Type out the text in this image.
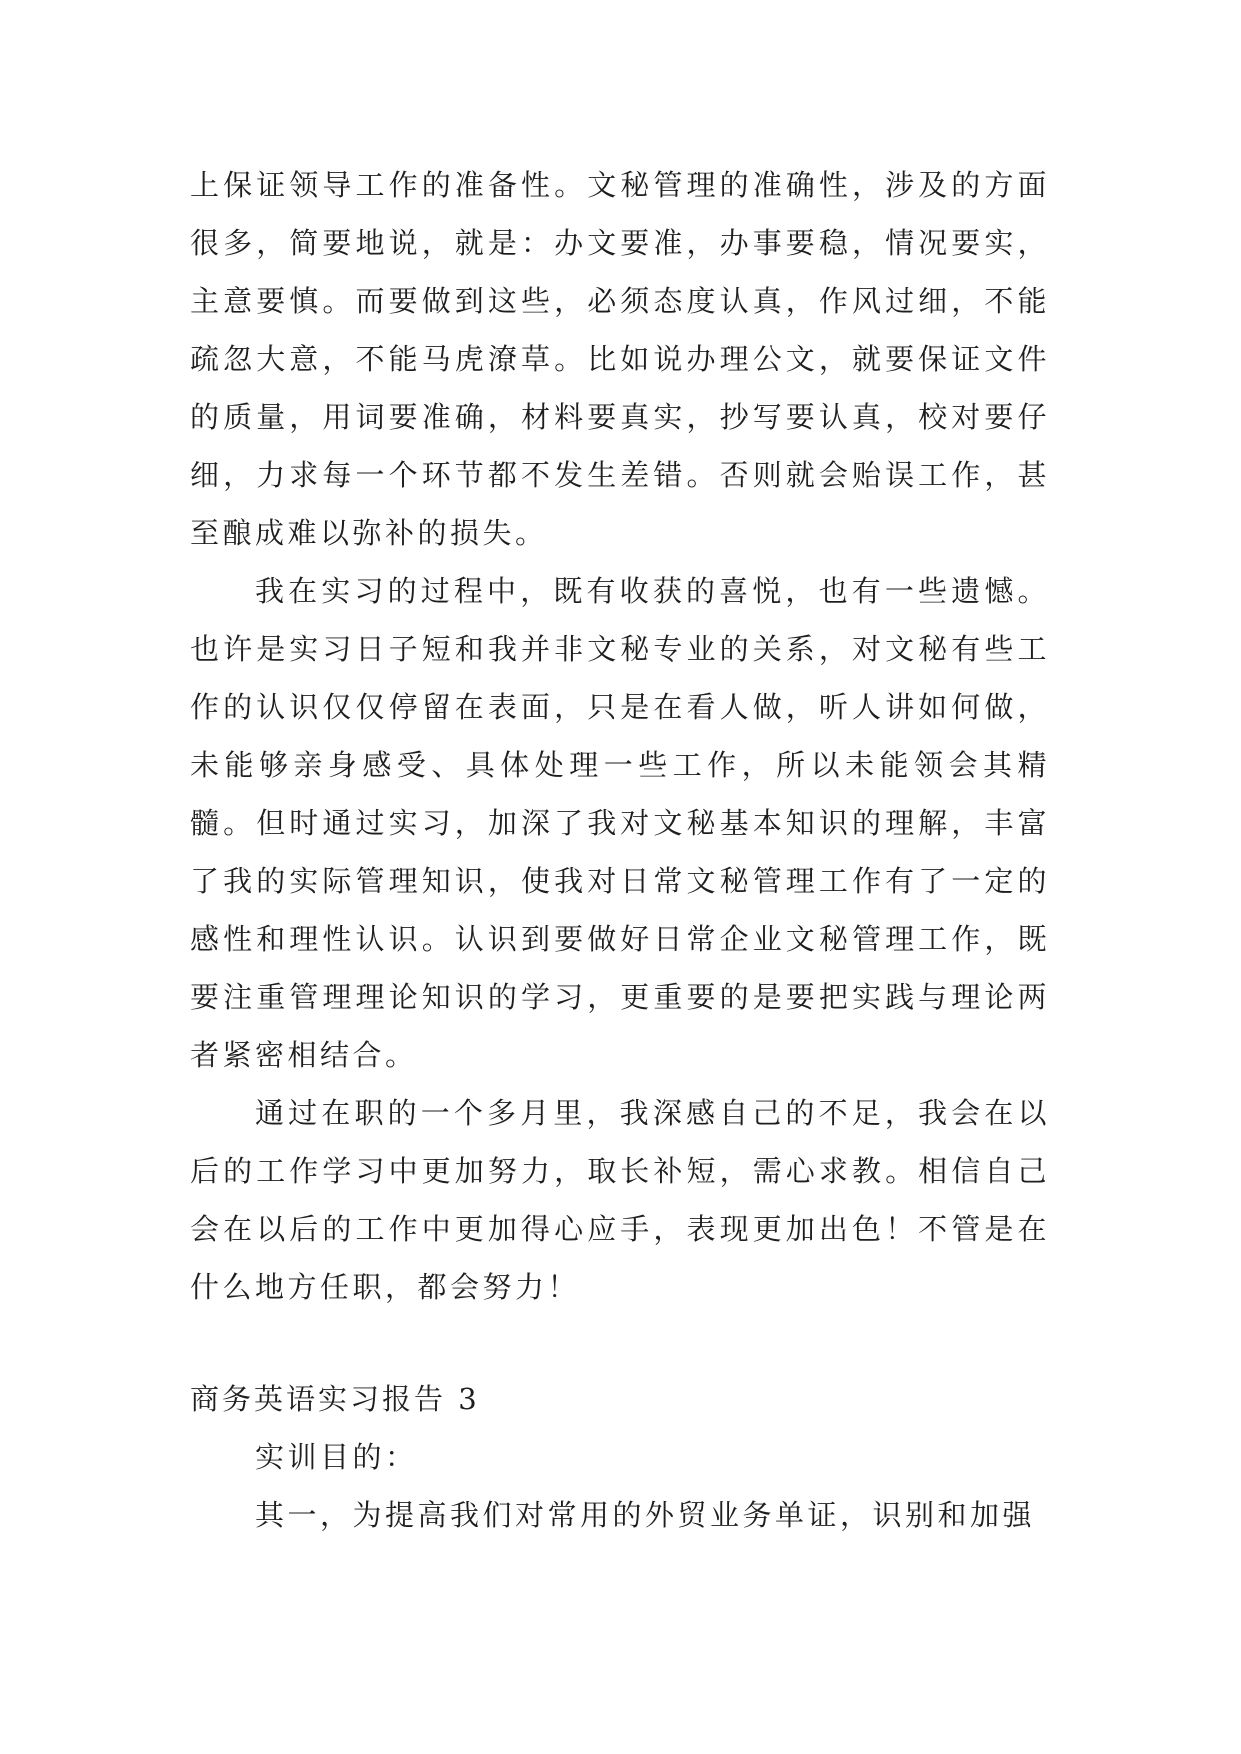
上保证领导工作的准备性。文秘管理的准确性，涉及的方面很多，简要地说，就是：办文要准，办事要稳，情况要实，主意要慎。而要做到这些，必须态度认真，作风过细，不能疏忽大意，不能马虎潦草。比如说办理公文，就要保证文件的质量，用词要准确，材料要真实，抄写要认真，校对要仔细，力求每一个环节都不发生差错。否则就会贻误工作，甚至酿成难以弥补的损失。

我在实习的过程中，既有收获的喜悦，也有一些遗憾。也许是实习日子短和我并非文秘专业的关系，对文秘有些工作的认识仅仅停留在表面，只是在看人做，听人讲如何做，未能够亲身感受、具体处理一些工作，所以未能领会其精髓。但时通过实习，加深了我对文秘基本知识的理解，丰富了我的实际管理知识，使我对日常文秘管理工作有了一定的感性和理性认识。认识到要做好日常企业文秘管理工作，既要注重管理理论知识的学习，更重要的是要把实践与理论两者紧密相结合。

通过在职的一个多月里，我深感自己的不足，我会在以后的工作学习中更加努力，取长补短，需心求教。相信自己会在以后的工作中更加得心应手，表现更加出色！不管是在什么地方任职，都会努力！

商务英语实习报告 3

实训目的：

其一，为提高我们对常用的外贸业务单证，识别和加强
